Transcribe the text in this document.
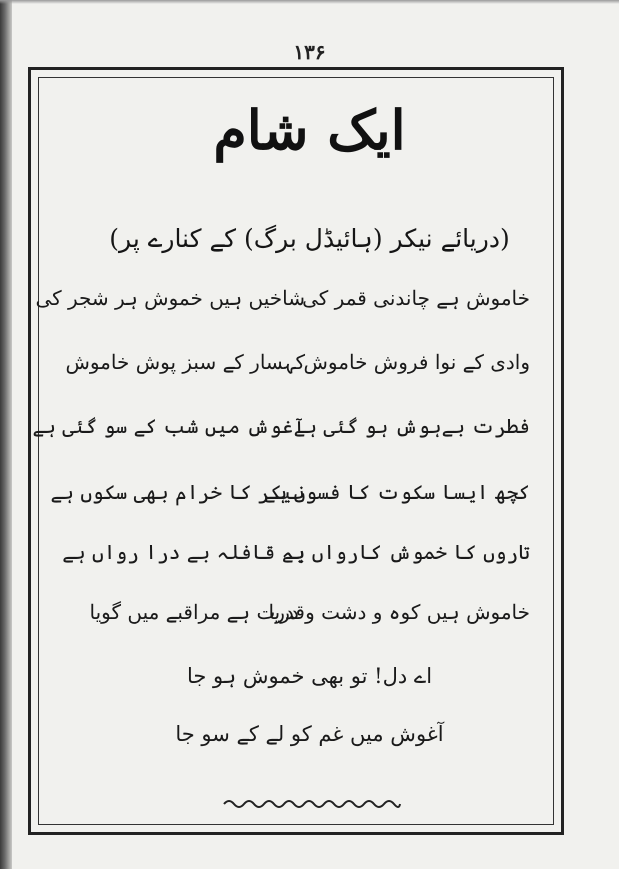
۱۳۶
ایک شام
(دریائے نیکر (ہائیڈل برگ) کے کنارے پر)
خاموش ہے چاندنی قمر کی
شاخیں ہیں خموش ہر شجر کی
وادی کے نوا فروش خاموش
کہسار کے سبز پوش خاموش
فطرت بےہوش ہو گئی ہے
آغوش میں شب کے سو گئی ہے
کچھ ایسا سکوت کا فسوں ہے
نیکر کا خرام بھی سکوں ہے
تاروں کا خموش کارواں ہے
یہ قافلہ بے درا رواں ہے
خاموش ہیں کوہ و دشت و دریا
قدرت ہے مراقبے میں گویا
اے دل! تو بھی خموش ہو جا
آغوش میں غم کو لے کے سو جا
